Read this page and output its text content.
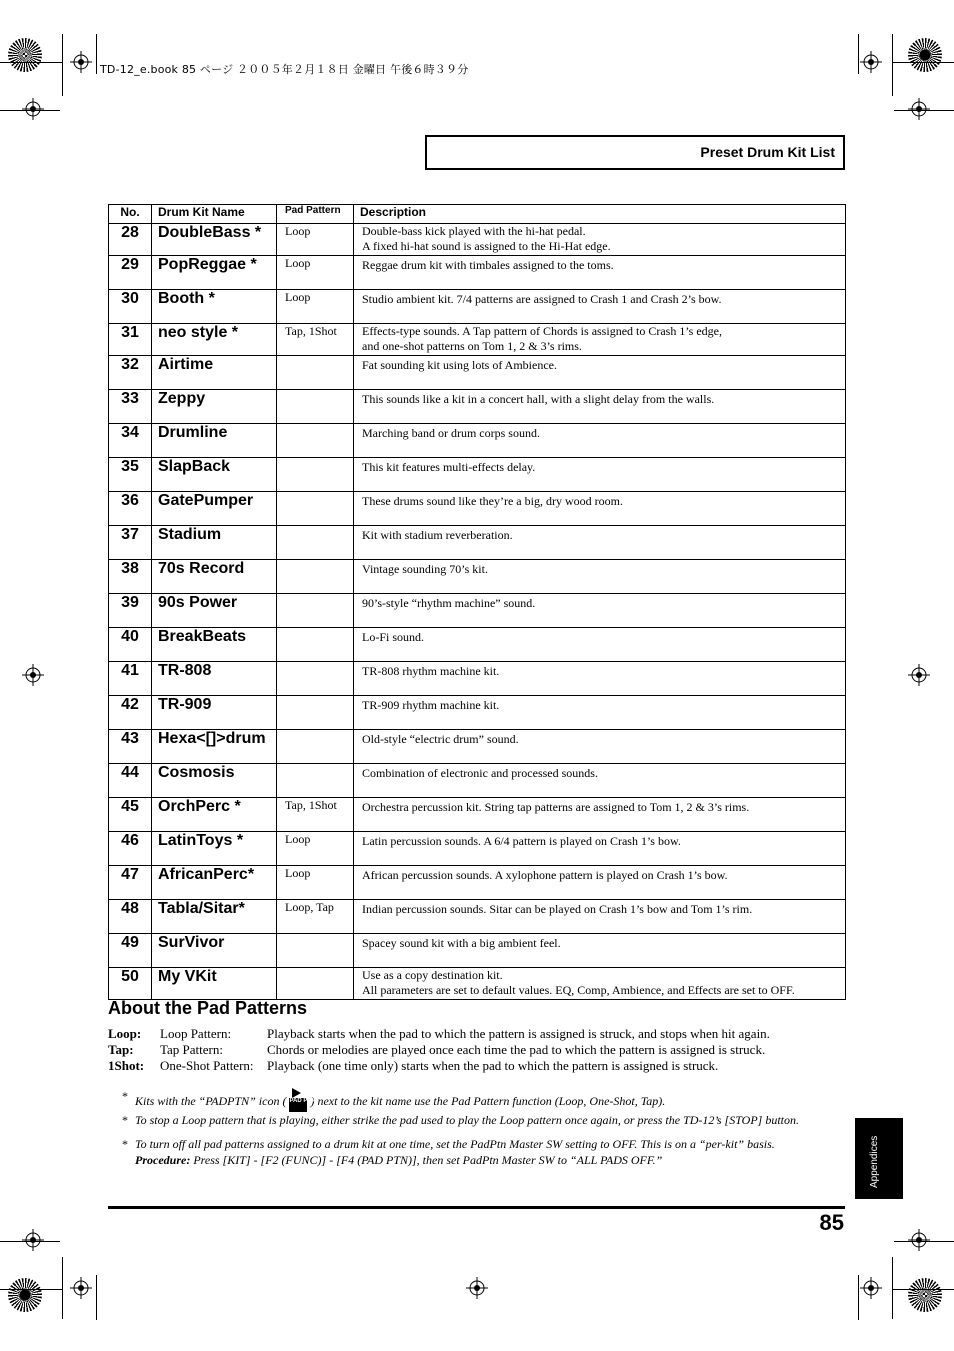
TD-12_e.book 85 ページ ２００５年２月１８日 金曜日 午後６時３９分
Preset Drum Kit List
No.	Drum Kit Name	Pad Pattern	Description
28	DoubleBass *	Loop	Double-bass kick played with the hi-hat pedal.
A fixed hi-hat sound is assigned to the Hi-Hat edge.

29	PopReggae *	Loop	Reggae drum kit with timbales assigned to the toms.

30	Booth *	Loop	Studio ambient kit. 7/4 patterns are assigned to Crash 1 and Crash 2’s bow.

31	neo style *	Tap, 1Shot	Effects-type sounds. A Tap pattern of Chords is assigned to Crash 1’s edge,
and one-shot patterns on Tom 1, 2 & 3’s rims.

32	Airtime		Fat sounding kit using lots of Ambience.

33	Zeppy		This sounds like a kit in a concert hall, with a slight delay from the walls.

34	Drumline		Marching band or drum corps sound.

35	SlapBack		This kit features multi-effects delay.

36	GatePumper		These drums sound like they’re a big, dry wood room.

37	Stadium		Kit with stadium reverberation.

38	70s Record		Vintage sounding 70’s kit.

39	90s Power		90’s-style “rhythm machine” sound.

40	BreakBeats		Lo-Fi sound.

41	TR-808		TR-808 rhythm machine kit.

42	TR-909		TR-909 rhythm machine kit.

43	Hexa<[]>drum		Old-style “electric drum” sound.

44	Cosmosis		Combination of electronic and processed sounds.

45	OrchPerc *	Tap, 1Shot	Orchestra percussion kit. String tap patterns are assigned to Tom 1, 2 & 3’s rims.

46	LatinToys *	Loop	Latin percussion sounds. A 6/4 pattern is played on Crash 1’s bow.

47	AfricanPerc*	Loop	African percussion sounds. A xylophone pattern is played on Crash 1’s bow.

48	Tabla/Sitar*	Loop, Tap	Indian percussion sounds. Sitar can be played on Crash 1’s bow and Tom 1’s rim.

49	SurVivor		Spacey sound kit with a big ambient feel.

50	My VKit		Use as a copy destination kit.
All parameters are set to default values. EQ, Comp, Ambience, and Effects are set to OFF.
About the Pad Patterns
Loop: Loop Pattern:	Playback starts when the pad to which the pattern is assigned is struck, and stops when hit again.
Tap: Tap Pattern:	Chords or melodies are played once each time the pad to which the pattern is assigned is struck.
1Shot: One-Shot Pattern: Playback (one time only) starts when the pad to which the pattern is assigned is struck.
* Kits with the “PADPTN” icon ( PAD PTN
) next to the kit name use the Pad Pattern function (Loop, One-Shot, Tap).
* To stop a Loop pattern that is playing, either strike the pad used to play the Loop pattern once again, or press the TD-12’s [STOP] button.
* To turn off all pad patterns assigned to a drum kit at one time, set the PadPtn Master SW setting to OFF. This is on a “per-kit” basis.
Procedure: Press [KIT] - [F2 (FUNC)] - [F4 (PAD PTN)], then set PadPtn Master SW to “ALL PADS OFF.”	Appendices
85
